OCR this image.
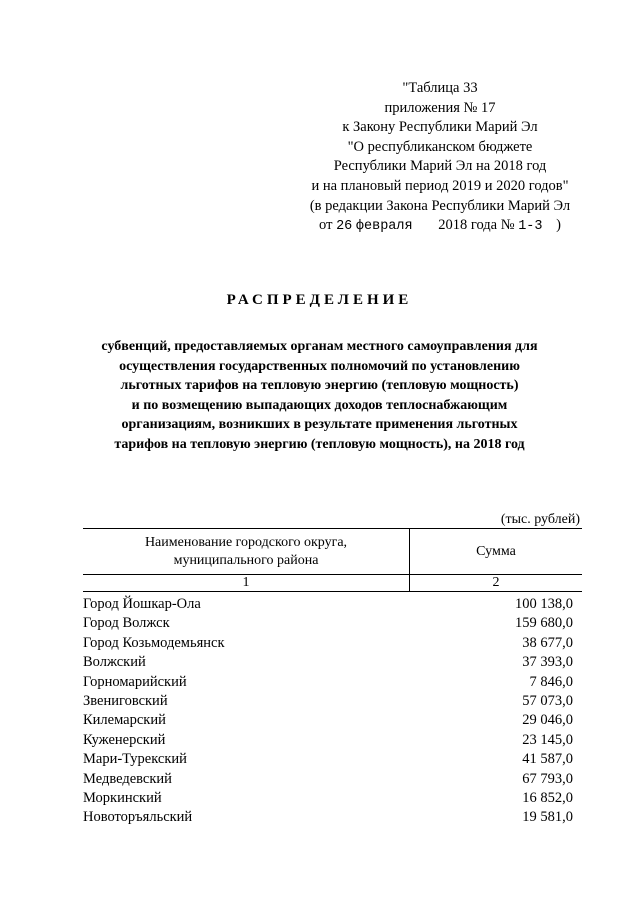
"Таблица 33
приложения № 17
к Закону Республики Марий Эл
"О республиканском бюджете
Республики Марий Эл на 2018 год
и на плановый период 2019 и 2020 годов"
(в редакции Закона Республики Марий Эл
от 26 февраля 2018 года № 1-3 )
РАСПРЕДЕЛЕНИЕ
субвенций, предоставляемых органам местного самоуправления для
осуществления государственных полномочий по установлению
льготных тарифов на тепловую энергию (тепловую мощность)
и по возмещению выпадающих доходов теплоснабжающим
организациям, возникших в результате применения льготных
тарифов на тепловую энергию (тепловую мощность), на 2018 год
(тыс. рублей)
Наименование городского округа,
муниципального района
Сумма
1	2
Город Йошкар-Ола	100 138,0
Город Волжск	159 680,0
Город Козьмодемьянск	38 677,0
Волжский	37 393,0
Горномарийский	7 846,0
Звениговский	57 073,0
Килемарский	29 046,0
Куженерский	23 145,0
Мари-Турекский	41 587,0
Медведевский	67 793,0
Моркинский	16 852,0
Новоторъяльский	19 581,0
